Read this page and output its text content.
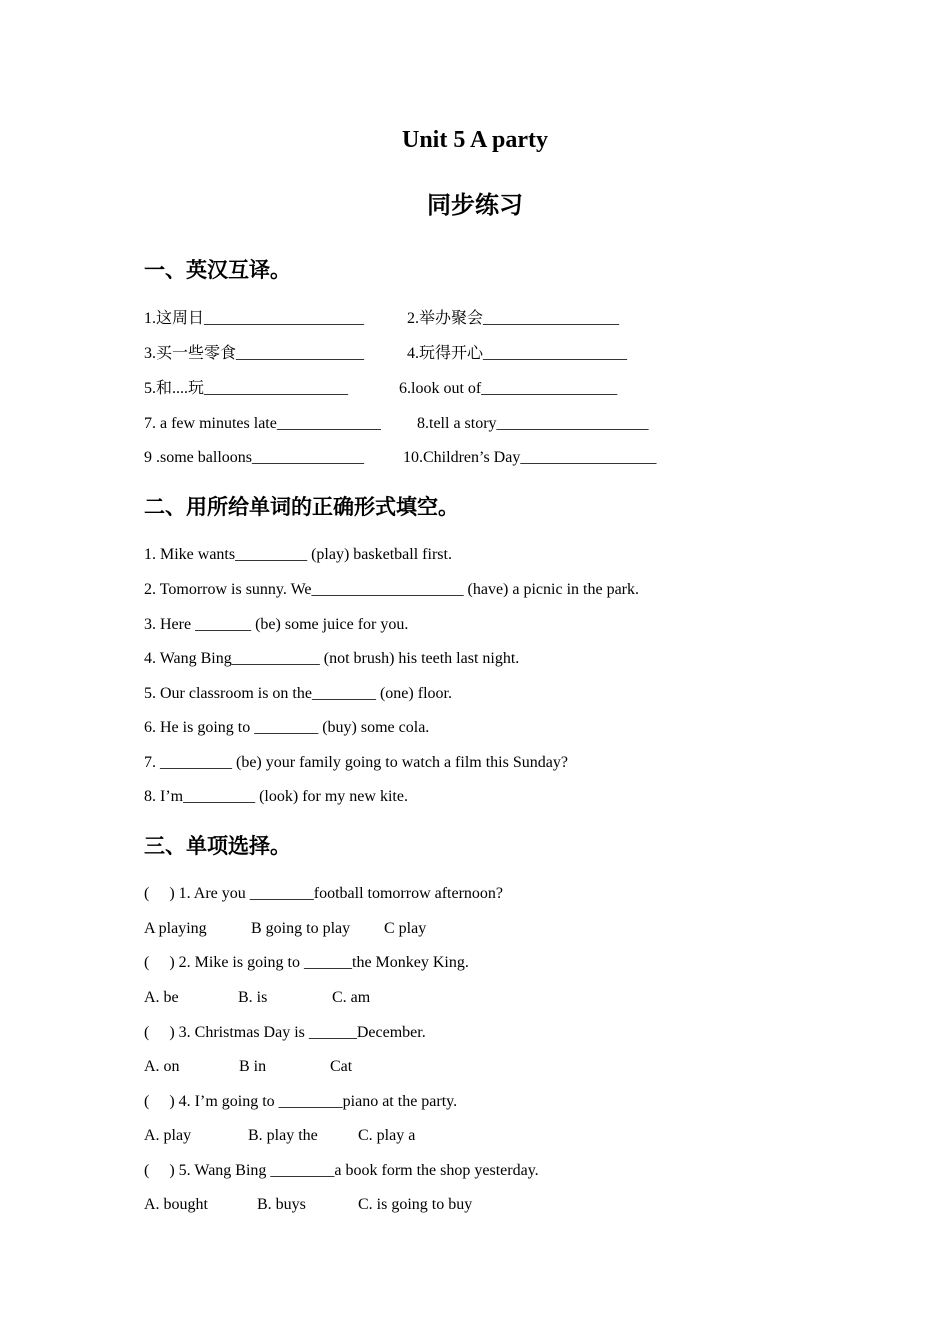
Unit 5 A party
同步练习
一、英汉互译。
1.这周日____________________	2.举办聚会_________________
3.买一些零食________________	4.玩得开心__________________
5.和....玩__________________	6.look out of_________________
7. a few minutes late_____________ 8.tell a story___________________
9 .some balloons______________ 10.Children’s Day_________________
二、用所给单词的正确形式填空。
1. Mike wants_________ (play) basketball first.
2. Tomorrow is sunny. We___________________ (have) a picnic in the park.
3. Here _______ (be) some juice for you.
4. Wang Bing___________ (not brush) his teeth last night.
5. Our classroom is on the________ (one) floor.
6. He is going to ________ (buy) some cola.
7. _________ (be) your family going to watch a film this Sunday?
8. I’m_________ (look) for my new kite.
三、单项选择。
(     ) 1. Are you ________football tomorrow afternoon?
A playing	B going to play C play
(     ) 2. Mike is going to ______the Monkey King.
A. be	B. is	C. am
(     ) 3. Christmas Day is ______December.
A. on	B in	Cat
(     ) 4. I’m going to ________piano at the party.
A. play	B. play the	C. play a
(     ) 5. Wang Bing ________a book form the shop yesterday.
A. bought	B. buys	C. is going to buy
